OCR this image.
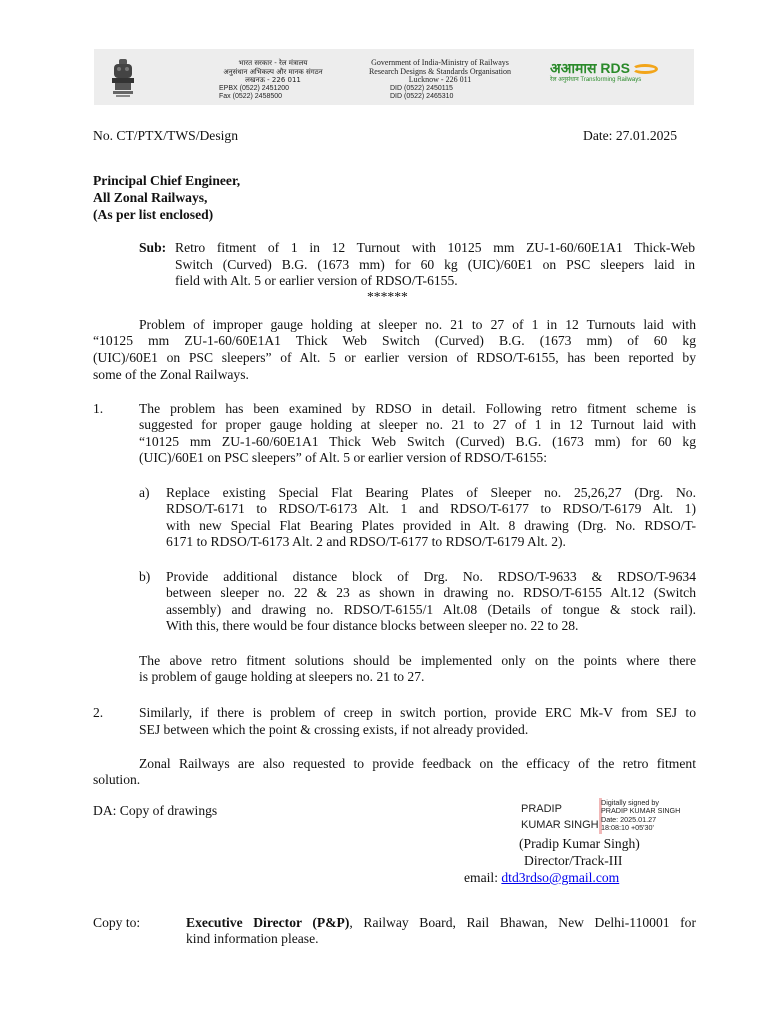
भारत सरकार - रेल मंत्रालय
अनुसंधान अभिकल्प और मानक संगठन
लखनऊ - 226 011
EPBX (0522) 2451200
Fax (0522) 2458500
Government of India-Ministry of Railways
Research Designs & Standards Organisation
Lucknow - 226 011
DID (0522) 2450115
DID (0522) 2465310
अआमास RDS
रेल अनुसंधान Transforming Railways
No. CT/PTX/TWS/Design	Date: 27.01.2025
Principal Chief Engineer,
All Zonal Railways,
(As per list enclosed)
Sub: Retro fitment of 1 in 12 Turnout with 10125 mm ZU-1-60/60E1A1 Thick-Web
Switch (Curved) B.G. (1673 mm) for 60 kg (UIC)/60E1 on PSC sleepers laid in
field with Alt. 5 or earlier version of RDSO/T-6155.
******
Problem of improper gauge holding at sleeper no. 21 to 27 of 1 in 12 Turnouts laid with
“10125 mm ZU-1-60/60E1A1 Thick Web Switch (Curved) B.G. (1673 mm) of 60 kg
(UIC)/60E1 on PSC sleepers” of Alt. 5 or earlier version of RDSO/T-6155, has been reported by
some of the Zonal Railways.
1.	The problem has been examined by RDSO in detail. Following retro fitment scheme is
suggested for proper gauge holding at sleeper no. 21 to 27 of 1 in 12 Turnout laid with
“10125 mm ZU-1-60/60E1A1 Thick Web Switch (Curved) B.G. (1673 mm) for 60 kg
(UIC)/60E1 on PSC sleepers” of Alt. 5 or earlier version of RDSO/T-6155:
a) Replace existing Special Flat Bearing Plates of Sleeper no. 25,26,27 (Drg. No.
RDSO/T-6171 to RDSO/T-6173 Alt. 1 and RDSO/T-6177 to RDSO/T-6179 Alt. 1)
with new Special Flat Bearing Plates provided in Alt. 8 drawing (Drg. No. RDSO/T-
6171 to RDSO/T-6173 Alt. 2 and RDSO/T-6177 to RDSO/T-6179 Alt. 2).
b) Provide additional distance block of Drg. No. RDSO/T-9633 & RDSO/T-9634
between sleeper no. 22 & 23 as shown in drawing no. RDSO/T-6155 Alt.12 (Switch
assembly) and drawing no. RDSO/T-6155/1 Alt.08 (Details of tongue & stock rail).
With this, there would be four distance blocks between sleeper no. 22 to 28.
The above retro fitment solutions should be implemented only on the points where there
is problem of gauge holding at sleepers no. 21 to 27.
2.	Similarly, if there is problem of creep in switch portion, provide ERC Mk-V from SEJ to
SEJ between which the point & crossing exists, if not already provided.
Zonal Railways are also requested to provide feedback on the efficacy of the retro fitment
solution.
DA: Copy of drawings	PRADIP
KUMAR SINGH
Digitally signed by
PRADIP KUMAR SINGH
Date: 2025.01.27
18:08:10 +05'30'
(Pradip Kumar Singh)
Director/Track-III
email: dtd3rdso@gmail.com
Copy to:	Executive Director (P&P), Railway Board, Rail Bhawan, New Delhi-110001 for
kind information please.
